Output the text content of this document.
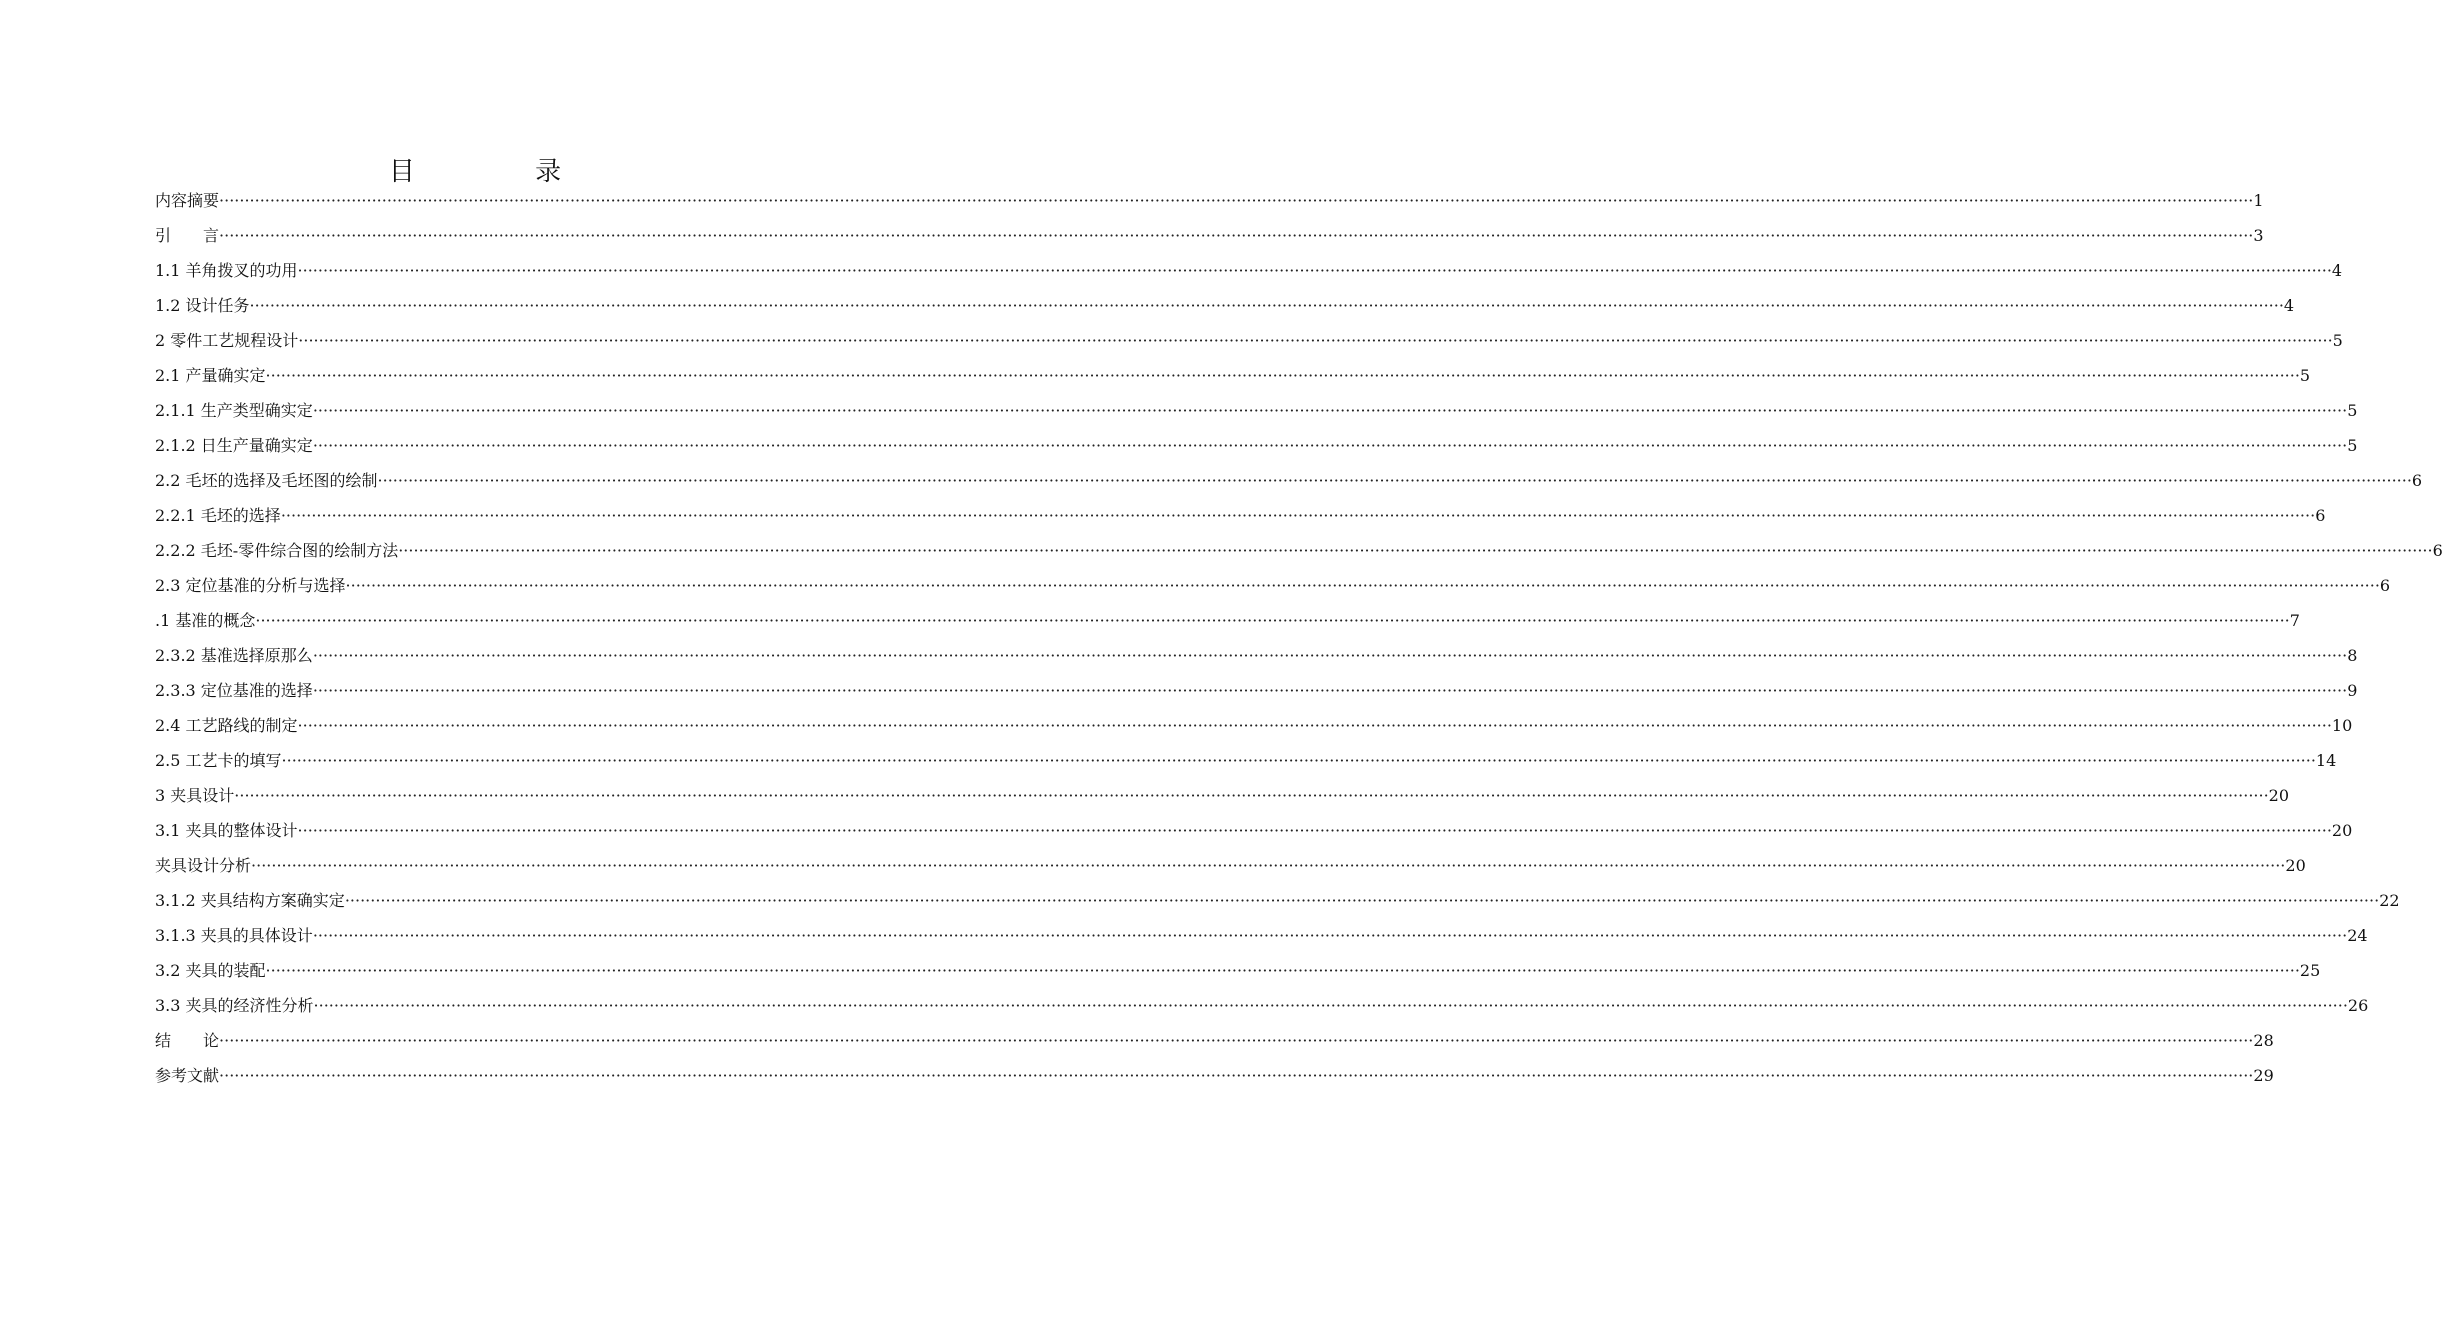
目 录
内容摘要 ················································································································································································································································································································································································································ 1
引　　言 ················································································································································································································································································································································································································ 3
1.1 羊角拨叉的功用 ················································································································································································································································································································································································································ 4
1.2 设计任务 ················································································································································································································································································································································································································ 4
2 零件工艺规程设计 ················································································································································································································································································································································································································ 5
2.1 产量确实定 ················································································································································································································································································································································································································ 5
2.1.1 生产类型确实定 ················································································································································································································································································································································································································ 5
2.1.2 日生产量确实定 ················································································································································································································································································································································································································ 5
2.2 毛坯的选择及毛坯图的绘制 ················································································································································································································································································································································································································ 6
2.2.1 毛坯的选择 ················································································································································································································································································································································································································ 6
2.2.2 毛坯-零件综合图的绘制方法 ················································································································································································································································································································································································································ 6
2.3 定位基准的分析与选择 ················································································································································································································································································································································································································ 6
.1 基准的概念 ················································································································································································································································································································································································································ 7
2.3.2 基准选择原那么 ················································································································································································································································································································································································································ 8
2.3.3 定位基准的选择 ················································································································································································································································································································································································································ 9
2.4 工艺路线的制定 ················································································································································································································································································································································································································ 10
2.5 工艺卡的填写 ················································································································································································································································································································································································································ 14
3 夹具设计 ················································································································································································································································································································································································································ 20
3.1 夹具的整体设计 ················································································································································································································································································································································································································ 20
夹具设计分析 ················································································································································································································································································································································································································ 20
3.1.2 夹具结构方案确实定 ················································································································································································································································································································································································································ 22
3.1.3 夹具的具体设计 ················································································································································································································································································································································································································ 24
3.2 夹具的装配 ················································································································································································································································································································································································································ 25
3.3 夹具的经济性分析 ················································································································································································································································································································································································································ 26
结　　论 ················································································································································································································································································································································································································ 28
参考文献 ················································································································································································································································································································································································································ 29
